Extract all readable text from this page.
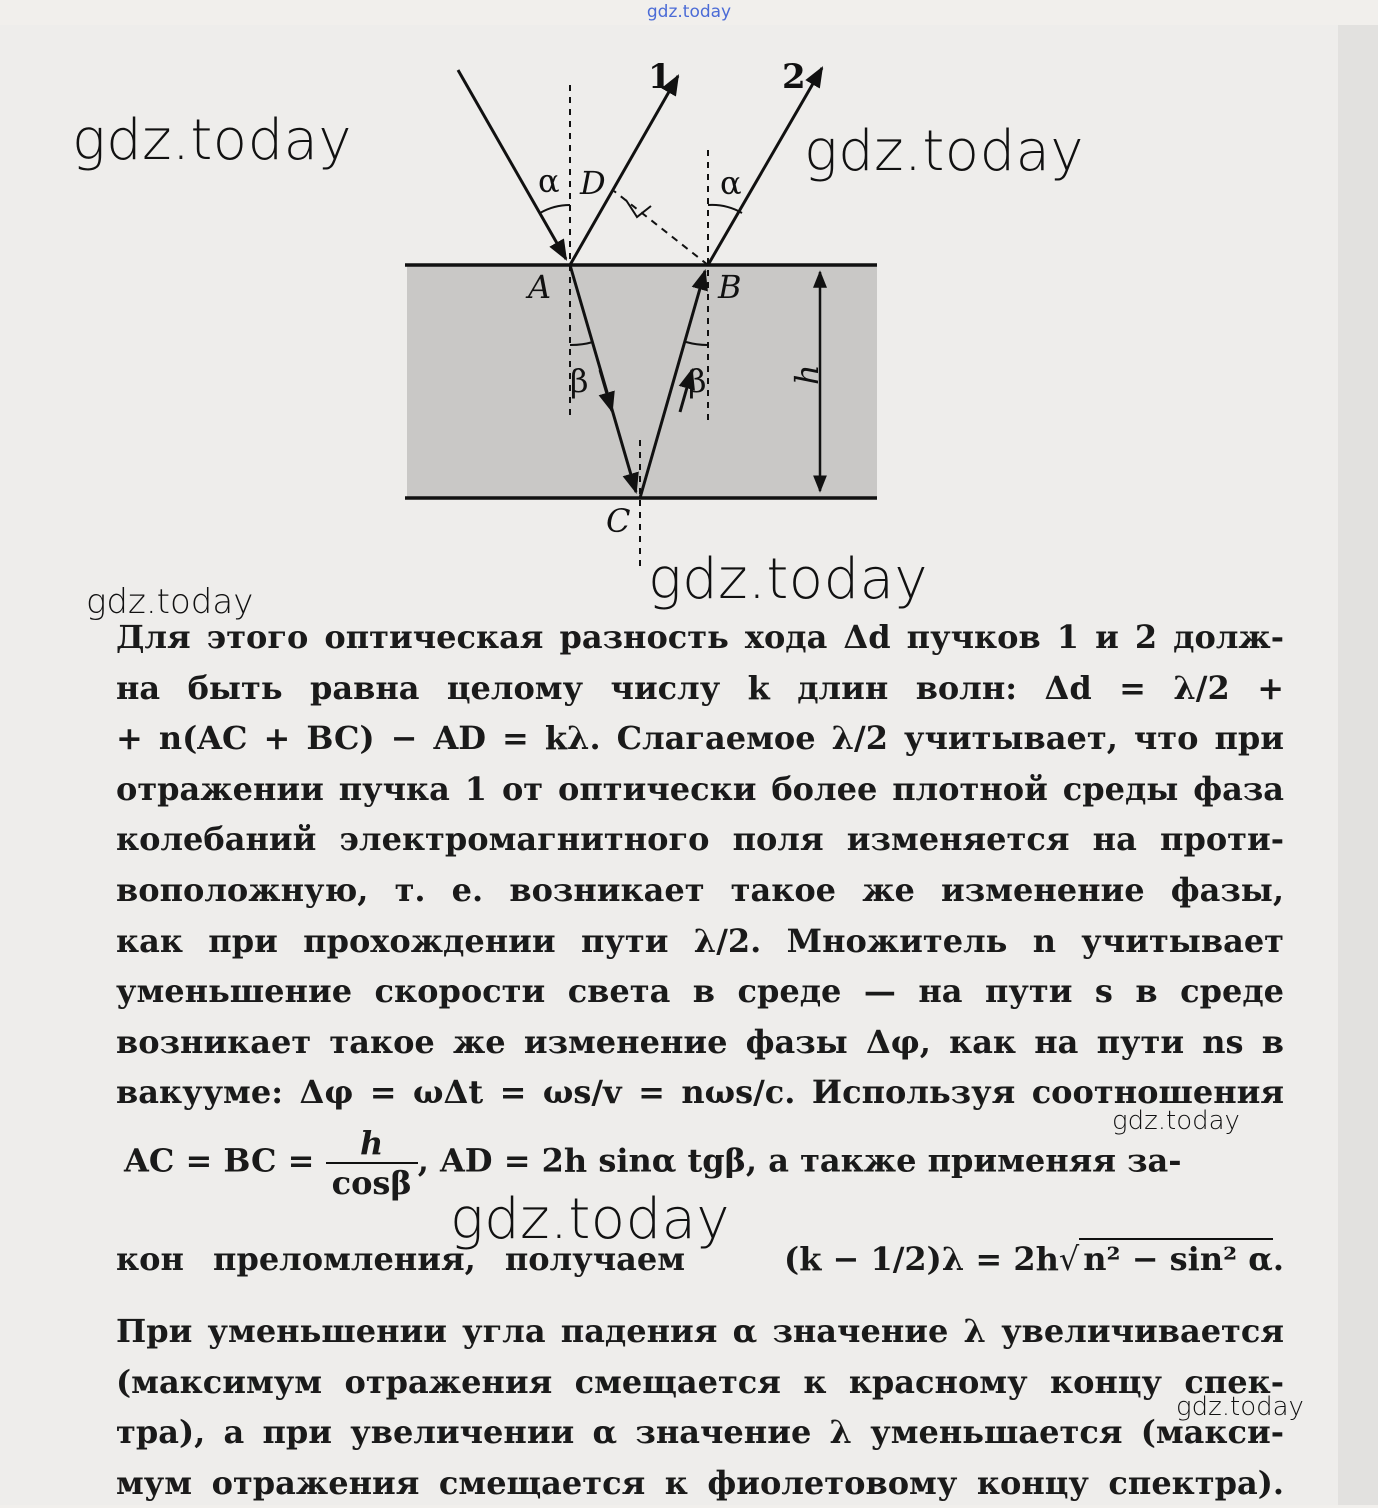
gdz.today
1	2
α D	α
A	B
β	β	h
C
gdz.today	gdz.today
gdz.today
gdz.today
gdz.today
gdz.today
gdz.today
Для этого оптическая разность хода Δd пучков 1 и 2 долж-
на быть равна целому числу k длин волн: Δd = λ/2 +
+ n(AC + BC) − AD = kλ. Слагаемое λ/2 учитывает, что при
отражении пучка 1 от оптически более плотной среды фаза
колебаний электромагнитного поля изменяется на проти-
воположную, т. е. возникает такое же изменение фазы,
как при прохождении пути λ/2. Множитель n учитывает
уменьшение скорости света в среде — на пути s в среде
возникает такое же изменение фазы Δφ, как на пути ns в
вакууме: Δφ = ωΔt = ωs/v = nωs/c. Используя соотношения
AC = BC = $\frac{h}{\cos\beta}$ , AD = 2h sinα tgβ, а также применяя за-
кон преломления, получаем	(k − 1/2)λ = 2h√ n² − sin² α.
При уменьшении угла падения α значение λ увеличивается
(максимум отражения смещается к красному концу спек-
тра), а при увеличении α значение λ уменьшается (макси-
мум отражения смещается к фиолетовому концу спектра).
